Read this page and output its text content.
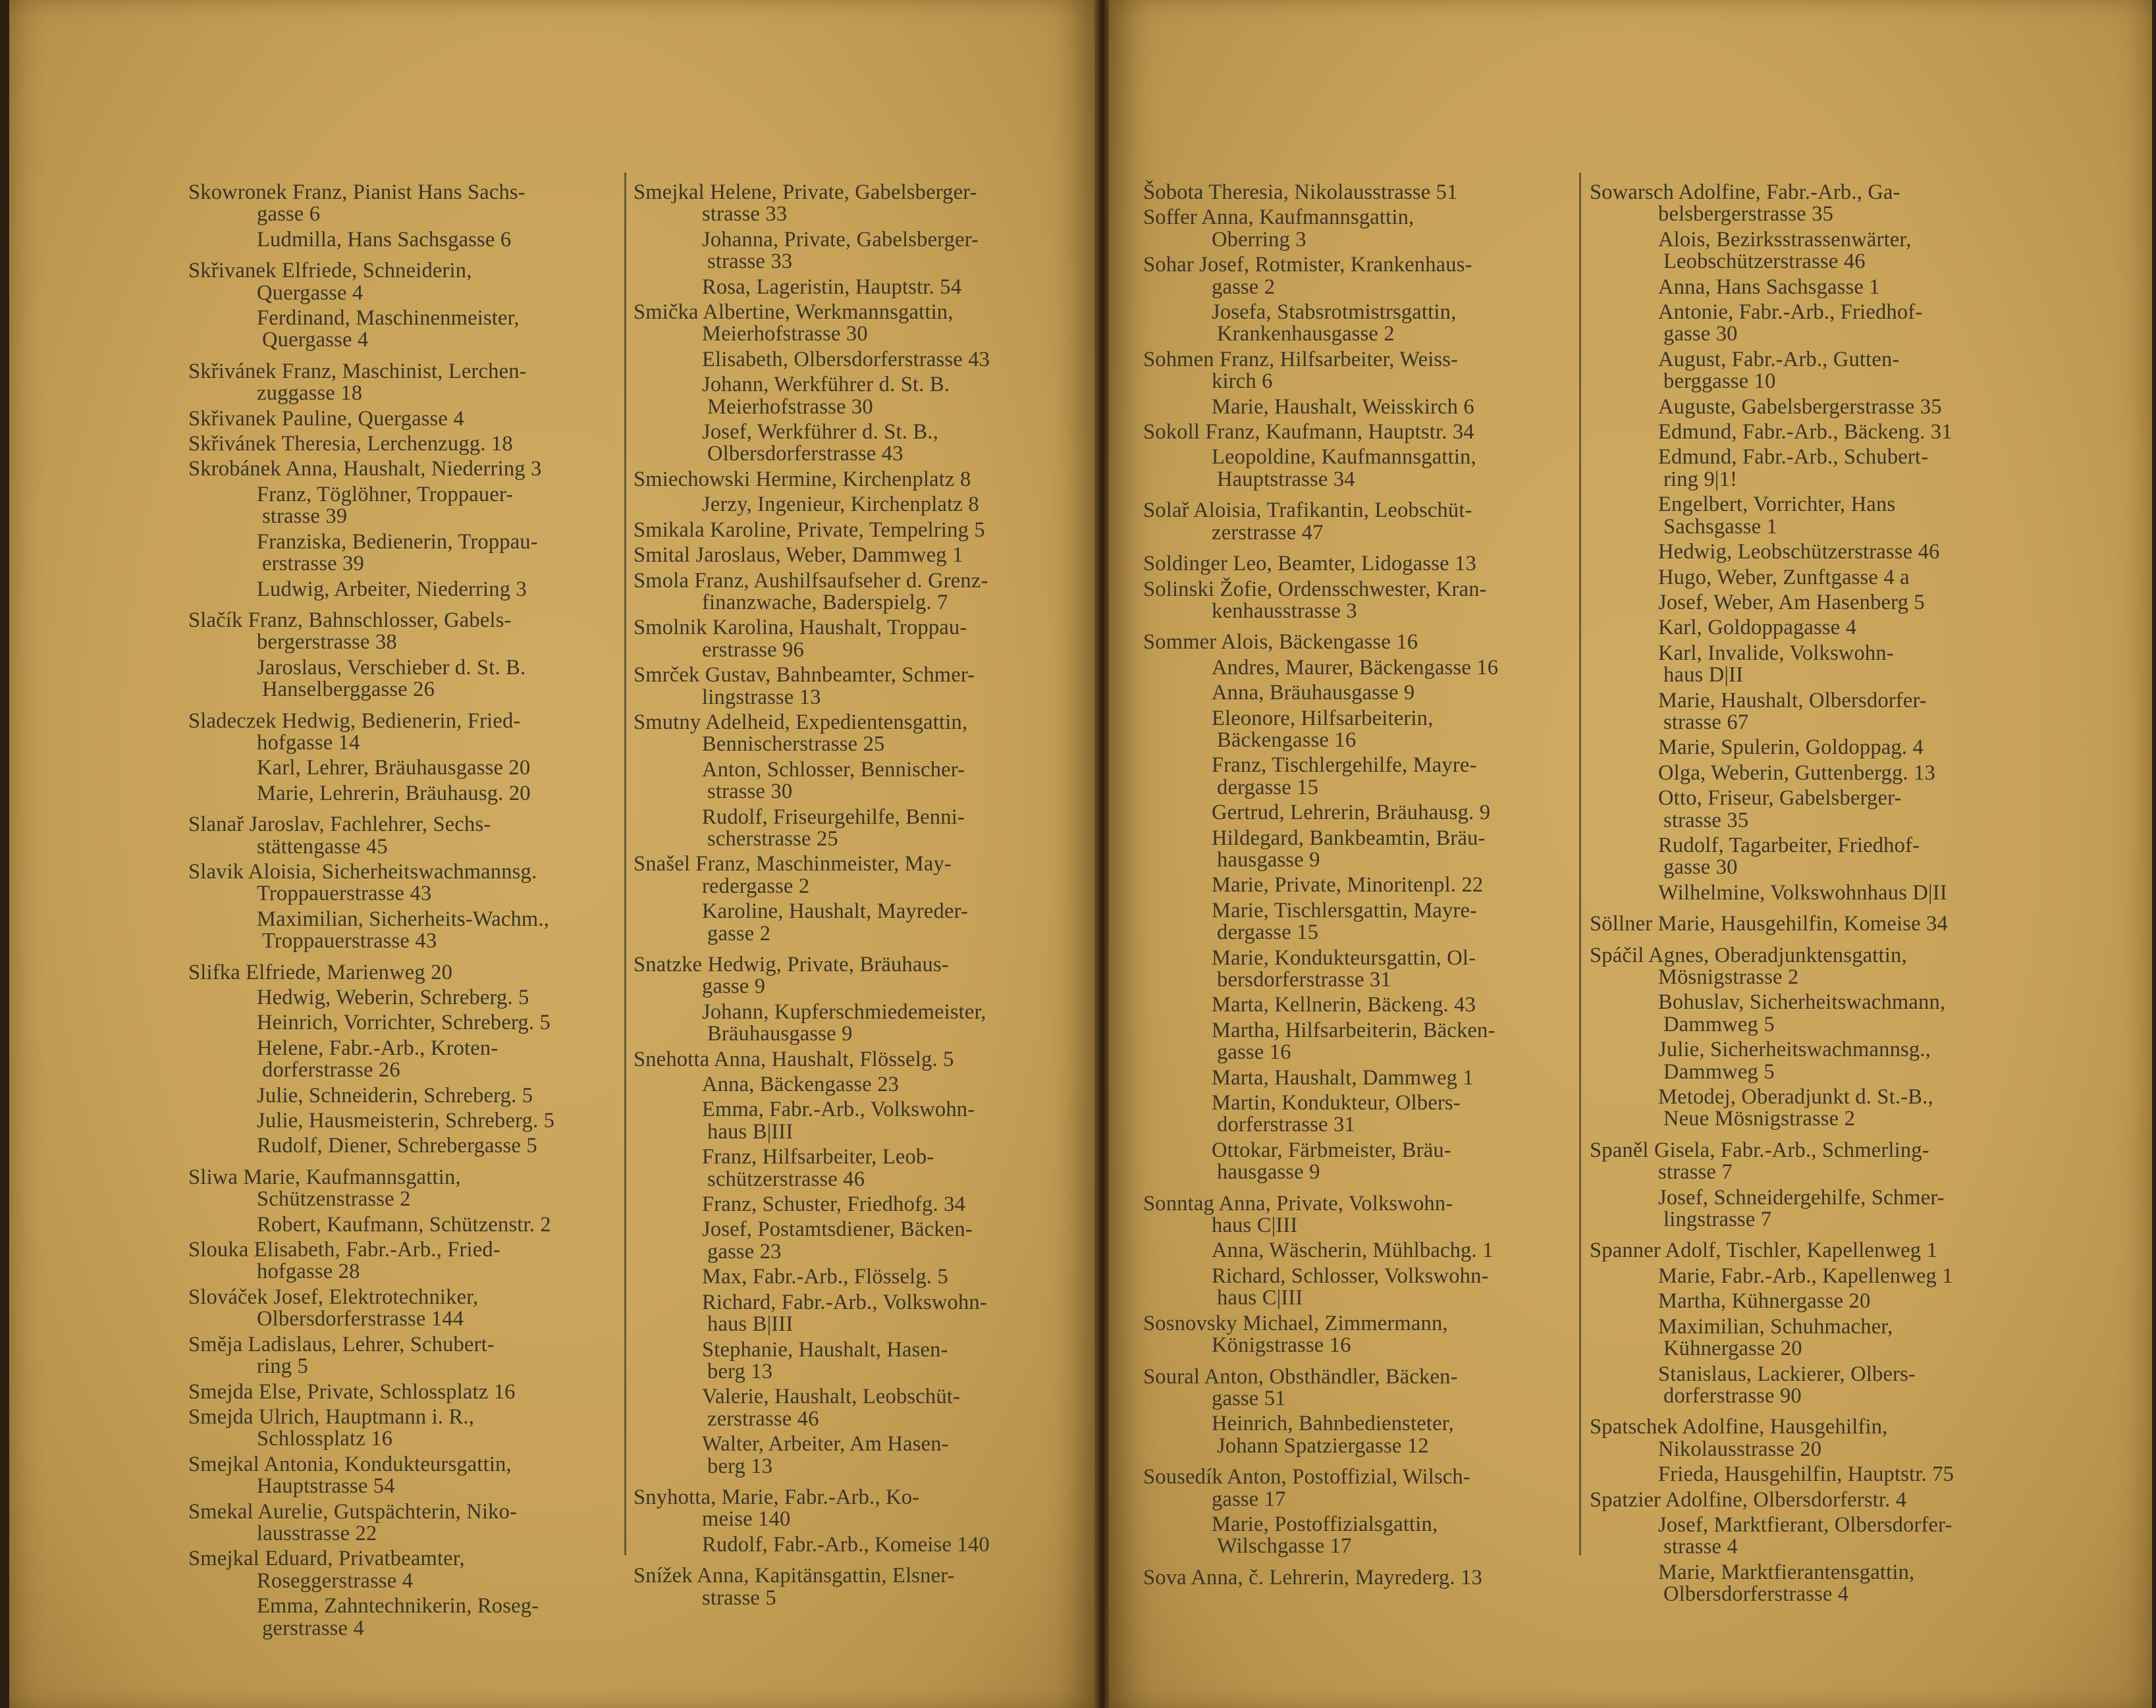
Skowronek Franz, Pianist Hans Sachs-
gasse 6
Ludmilla, Hans Sachsgasse 6
Skřivanek Elfriede, Schneiderin,
Quergasse 4
Ferdinand, Maschinenmeister,
Quergasse 4
Skřivánek Franz, Maschinist, Lerchen-
zuggasse 18
Skřivanek Pauline, Quergasse 4
Skřivánek Theresia, Lerchenzugg. 18
Skrobánek Anna, Haushalt, Niederring 3
Franz, Töglöhner, Troppauer-
strasse 39
Franziska, Bedienerin, Troppau-
erstrasse 39
Ludwig, Arbeiter, Niederring 3
Slačík Franz, Bahnschlosser, Gabels-
bergerstrasse 38
Jaroslaus, Verschieber d. St. B.
Hanselberggasse 26
Sladeczek Hedwig, Bedienerin, Fried-
hofgasse 14
Karl, Lehrer, Bräuhausgasse 20
Marie, Lehrerin, Bräuhausg. 20
Slanař Jaroslav, Fachlehrer, Sechs-
stättengasse 45
Slavik Aloisia, Sicherheitswachmannsg.
Troppauerstrasse 43
Maximilian, Sicherheits-Wachm.,
Troppauerstrasse 43
Slifka Elfriede, Marienweg 20
Hedwig, Weberin, Schreberg. 5
Heinrich, Vorrichter, Schreberg. 5
Helene, Fabr.-Arb., Kroten-
dorferstrasse 26
Julie, Schneiderin, Schreberg. 5
Julie, Hausmeisterin, Schreberg. 5
Rudolf, Diener, Schrebergasse 5
Sliwa Marie, Kaufmannsgattin,
Schützenstrasse 2
Robert, Kaufmann, Schützenstr. 2
Slouka Elisabeth, Fabr.-Arb., Fried-
hofgasse 28
Slováček Josef, Elektrotechniker,
Olbersdorferstrasse 144
Směja Ladislaus, Lehrer, Schubert-
ring 5
Smejda Else, Private, Schlossplatz 16
Smejda Ulrich, Hauptmann i. R.,
Schlossplatz 16
Smejkal Antonia, Kondukteursgattin,
Hauptstrasse 54
Smekal Aurelie, Gutspächterin, Niko-
lausstrasse 22
Smejkal Eduard, Privatbeamter,
Roseggerstrasse 4
Emma, Zahntechnikerin, Roseg-
gerstrasse 4
Smejkal Helene, Private, Gabelsberger-
strasse 33
Johanna, Private, Gabelsberger-
strasse 33
Rosa, Lageristin, Hauptstr. 54
Smička Albertine, Werkmannsgattin,
Meierhofstrasse 30
Elisabeth, Olbersdorferstrasse 43
Johann, Werkführer d. St. B.
Meierhofstrasse 30
Josef, Werkführer d. St. B.,
Olbersdorferstrasse 43
Smiechowski Hermine, Kirchenplatz 8
Jerzy, Ingenieur, Kirchenplatz 8
Smikala Karoline, Private, Tempelring 5
Smital Jaroslaus, Weber, Dammweg 1
Smola Franz, Aushilfsaufseher d. Grenz-
finanzwache, Baderspielg. 7
Smolnik Karolina, Haushalt, Troppau-
erstrasse 96
Smrček Gustav, Bahnbeamter, Schmer-
lingstrasse 13
Smutny Adelheid, Expedientensgattin,
Bennischerstrasse 25
Anton, Schlosser, Bennischer-
strasse 30
Rudolf, Friseurgehilfe, Benni-
scherstrasse 25
Snašel Franz, Maschinmeister, May-
redergasse 2
Karoline, Haushalt, Mayreder-
gasse 2
Snatzke Hedwig, Private, Bräuhaus-
gasse 9
Johann, Kupferschmiedemeister,
Bräuhausgasse 9
Snehotta Anna, Haushalt, Flösselg. 5
Anna, Bäckengasse 23
Emma, Fabr.-Arb., Volkswohn-
haus B|III
Franz, Hilfsarbeiter, Leob-
schützerstrasse 46
Franz, Schuster, Friedhofg. 34
Josef, Postamtsdiener, Bäcken-
gasse 23
Max, Fabr.-Arb., Flösselg. 5
Richard, Fabr.-Arb., Volkswohn-
haus B|III
Stephanie, Haushalt, Hasen-
berg 13
Valerie, Haushalt, Leobschüt-
zerstrasse 46
Walter, Arbeiter, Am Hasen-
berg 13
Snyhotta, Marie, Fabr.-Arb., Ko-
meise 140
Rudolf, Fabr.-Arb., Komeise 140
Snížek Anna, Kapitänsgattin, Elsner-
strasse 5
Šobota Theresia, Nikolausstrasse 51
Soffer Anna, Kaufmannsgattin,
Oberring 3
Sohar Josef, Rotmister, Krankenhaus-
gasse 2
Josefa, Stabsrotmistrsgattin,
Krankenhausgasse 2
Sohmen Franz, Hilfsarbeiter, Weiss-
kirch 6
Marie, Haushalt, Weisskirch 6
Sokoll Franz, Kaufmann, Hauptstr. 34
Leopoldine, Kaufmannsgattin,
Hauptstrasse 34
Solař Aloisia, Trafikantin, Leobschüt-
zerstrasse 47
Soldinger Leo, Beamter, Lidogasse 13
Solinski Žofie, Ordensschwester, Kran-
kenhausstrasse 3
Sommer Alois, Bäckengasse 16
Andres, Maurer, Bäckengasse 16
Anna, Bräuhausgasse 9
Eleonore, Hilfsarbeiterin,
Bäckengasse 16
Franz, Tischlergehilfe, Mayre-
dergasse 15
Gertrud, Lehrerin, Bräuhausg. 9
Hildegard, Bankbeamtin, Bräu-
hausgasse 9
Marie, Private, Minoritenpl. 22
Marie, Tischlersgattin, Mayre-
dergasse 15
Marie, Kondukteursgattin, Ol-
bersdorferstrasse 31
Marta, Kellnerin, Bäckeng. 43
Martha, Hilfsarbeiterin, Bäcken-
gasse 16
Marta, Haushalt, Dammweg 1
Martin, Kondukteur, Olbers-
dorferstrasse 31
Ottokar, Färbmeister, Bräu-
hausgasse 9
Sonntag Anna, Private, Volkswohn-
haus C|III
Anna, Wäscherin, Mühlbachg. 1
Richard, Schlosser, Volkswohn-
haus C|III
Sosnovsky Michael, Zimmermann,
Königstrasse 16
Soural Anton, Obsthändler, Bäcken-
gasse 51
Heinrich, Bahnbediensteter,
Johann Spatziergasse 12
Sousedík Anton, Postoffizial, Wilsch-
gasse 17
Marie, Postoffizialsgattin,
Wilschgasse 17
Sova Anna, č. Lehrerin, Mayrederg. 13
Sowarsch Adolfine, Fabr.-Arb., Ga-
belsbergerstrasse 35
Alois, Bezirksstrassenwärter,
Leobschützerstrasse 46
Anna, Hans Sachsgasse 1
Antonie, Fabr.-Arb., Friedhof-
gasse 30
August, Fabr.-Arb., Gutten-
berggasse 10
Auguste, Gabelsbergerstrasse 35
Edmund, Fabr.-Arb., Bäckeng. 31
Edmund, Fabr.-Arb., Schubert-
ring 9|1!
Engelbert, Vorrichter, Hans
Sachsgasse 1
Hedwig, Leobschützerstrasse 46
Hugo, Weber, Zunftgasse 4 a
Josef, Weber, Am Hasenberg 5
Karl, Goldoppagasse 4
Karl, Invalide, Volkswohn-
haus D|II
Marie, Haushalt, Olbersdorfer-
strasse 67
Marie, Spulerin, Goldoppag. 4
Olga, Weberin, Guttenbergg. 13
Otto, Friseur, Gabelsberger-
strasse 35
Rudolf, Tagarbeiter, Friedhof-
gasse 30
Wilhelmine, Volkswohnhaus D|II
Söllner Marie, Hausgehilfin, Komeise 34
Spáčil Agnes, Oberadjunktensgattin,
Mösnigstrasse 2
Bohuslav, Sicherheitswachmann,
Dammweg 5
Julie, Sicherheitswachmannsg.,
Dammweg 5
Metodej, Oberadjunkt d. St.-B.,
Neue Mösnigstrasse 2
Spaněl Gisela, Fabr.-Arb., Schmerling-
strasse 7
Josef, Schneidergehilfe, Schmer-
lingstrasse 7
Spanner Adolf, Tischler, Kapellenweg 1
Marie, Fabr.-Arb., Kapellenweg 1
Martha, Kühnergasse 20
Maximilian, Schuhmacher,
Kühnergasse 20
Stanislaus, Lackierer, Olbers-
dorferstrasse 90
Spatschek Adolfine, Hausgehilfin,
Nikolausstrasse 20
Frieda, Hausgehilfin, Hauptstr. 75
Spatzier Adolfine, Olbersdorferstr. 4
Josef, Marktfierant, Olbersdorfer-
strasse 4
Marie, Marktfierantensgattin,
Olbersdorferstrasse 4
